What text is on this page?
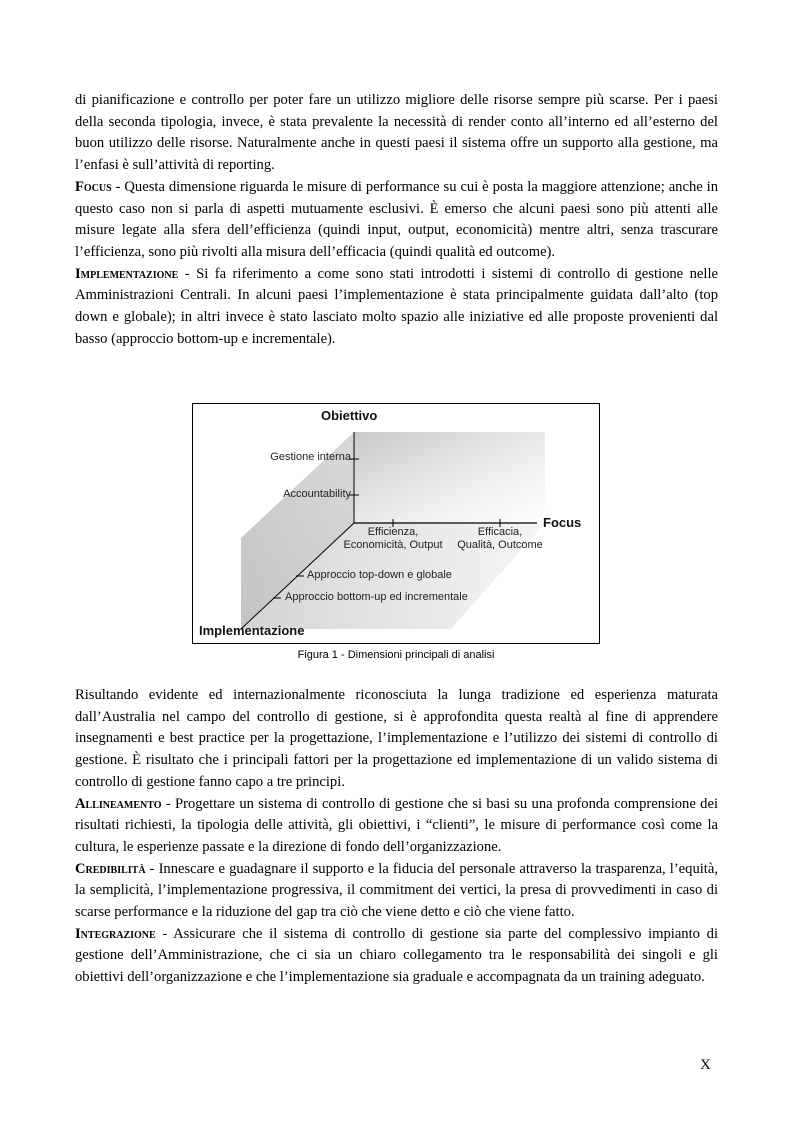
di pianificazione e controllo per poter fare un utilizzo migliore delle risorse sempre più scarse. Per i paesi della seconda tipologia, invece, è stata prevalente la necessità di render conto all’interno ed all’esterno del buon utilizzo delle risorse. Naturalmente anche in questi paesi il sistema offre un supporto alla gestione, ma l’enfasi è sull’attività di reporting.

Focus - Questa dimensione riguarda le misure di performance su cui è posta la maggiore attenzione; anche in questo caso non si parla di aspetti mutuamente esclusivi. È emerso che alcuni paesi sono più attenti alle misure legate alla sfera dell’efficienza (quindi input, output, economicità) mentre altri, senza trascurare l’efficienza, sono più rivolti alla misura dell’efficacia (quindi qualità ed outcome).

Implementazione - Si fa riferimento a come sono stati introdotti i sistemi di controllo di gestione nelle Amministrazioni Centrali. In alcuni paesi l’implementazione è stata principalmente guidata dall’alto (top down e globale); in altri invece è stato lasciato molto spazio alle iniziative ed alle proposte provenienti dal basso (approccio bottom-up e incrementale).

Obiettivo
Focus
Implementazione
Gestione interna
Accountability
Efficienza,
Economicità, Output
Efficacia,
Qualità, Outcome
Approccio top-down e globale
Approccio bottom-up ed incrementale
Figura 1 - Dimensioni principali di analisi

Risultando evidente ed internazionalmente riconosciuta la lunga tradizione ed esperienza maturata dall’Australia nel campo del controllo di gestione, si è approfondita questa realtà al fine di apprendere insegnamenti e best practice per la progettazione, l’implementazione e l’utilizzo dei sistemi di controllo di gestione. È risultato che i principali fattori per la progettazione ed implementazione di un valido sistema di controllo di gestione fanno capo a tre principi.

Allineamento - Progettare un sistema di controllo di gestione che si basi su una profonda comprensione dei risultati richiesti, la tipologia delle attività, gli obiettivi, i “clienti”, le misure di performance così come la cultura, le esperienze passate e la direzione di fondo dell’organizzazione.

Credibilità - Innescare e guadagnare il supporto e la fiducia del personale attraverso la trasparenza, l’equità, la semplicità, l’implementazione progressiva, il commitment dei vertici, la presa di provvedimenti in caso di scarse performance e la riduzione del gap tra ciò che viene detto e ciò che viene fatto.

Integrazione - Assicurare che il sistema di controllo di gestione sia parte del complessivo impianto di gestione dell’Amministrazione, che ci sia un chiaro collegamento tra le responsabilità dei singoli e gli obiettivi dell’organizzazione e che l’implementazione sia graduale e accompagnata da un training adeguato.

X
